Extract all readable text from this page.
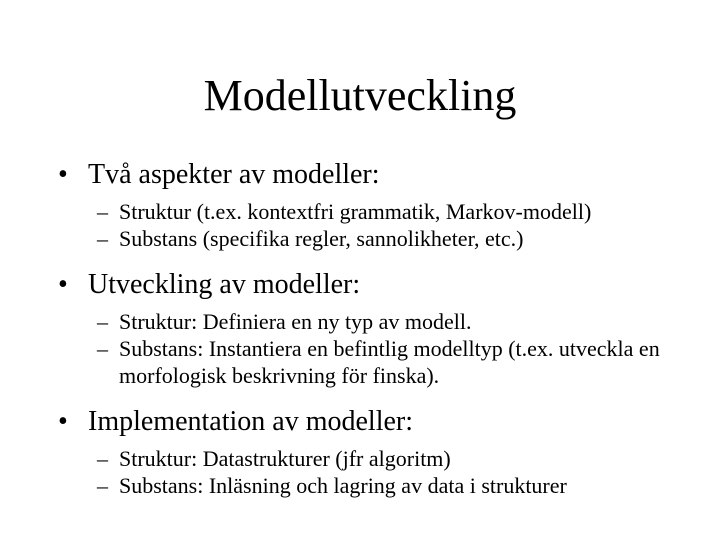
Modellutveckling
• Två aspekter av modeller:
– Struktur (t.ex. kontextfri grammatik, Markov-modell)
– Substans (specifika regler, sannolikheter, etc.)
• Utveckling av modeller:
– Struktur: Definiera en ny typ av modell.
– Substans: Instantiera en befintlig modelltyp (t.ex. utveckla en morfologisk beskrivning för finska).
• Implementation av modeller:
– Struktur: Datastrukturer (jfr algoritm)
– Substans: Inläsning och lagring av data i strukturer
